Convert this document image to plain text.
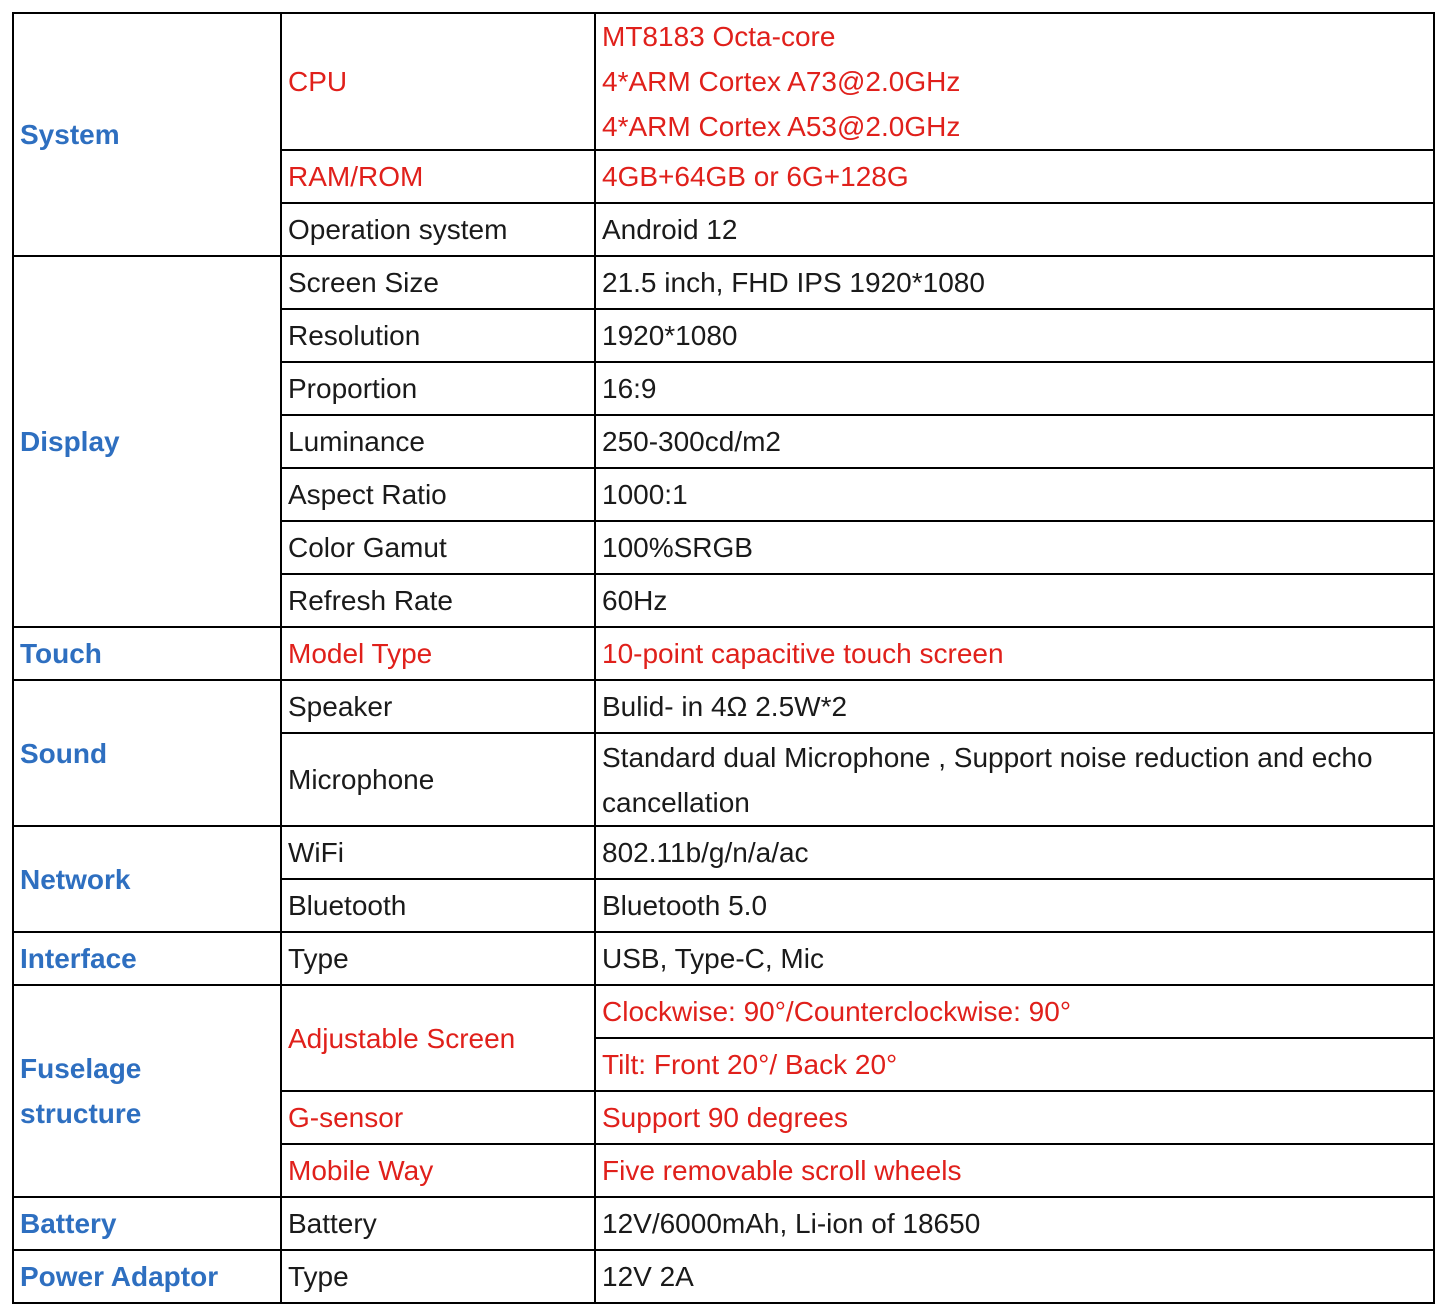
System	CPU	MT8183 Octa-core
4*ARM Cortex A73@2.0GHz
4*ARM Cortex A53@2.0GHz

	RAM/ROM	4GB+64GB or 6G+128G
	Operation system	Android 12
Display	Screen Size	21.5 inch, FHD IPS 1920*1080
	Resolution	1920*1080
	Proportion	16:9
	Luminance	250-300cd/m2
	Aspect Ratio	1000:1
	Color Gamut	100%SRGB
	Refresh Rate	60Hz
Touch	Model Type	10-point capacitive touch screen
Sound	Speaker	Bulid- in 4Ω 2.5W*2
	Microphone	Standard dual Microphone , Support noise reduction and echo cancellation
Network	WiFi	802.11b/g/n/a/ac
	Bluetooth	Bluetooth 5.0
Interface	Type	USB, Type-C, Mic

Fuselage
structure	Adjustable Screen	Clockwise: 90°/Counterclockwise: 90°
		Tilt: Front 20°/ Back 20°
	G-sensor	Support 90 degrees
	Mobile Way	Five removable scroll wheels
Battery	Battery	12V/6000mAh, Li-ion of 18650
Power Adaptor	Type	12V 2A
